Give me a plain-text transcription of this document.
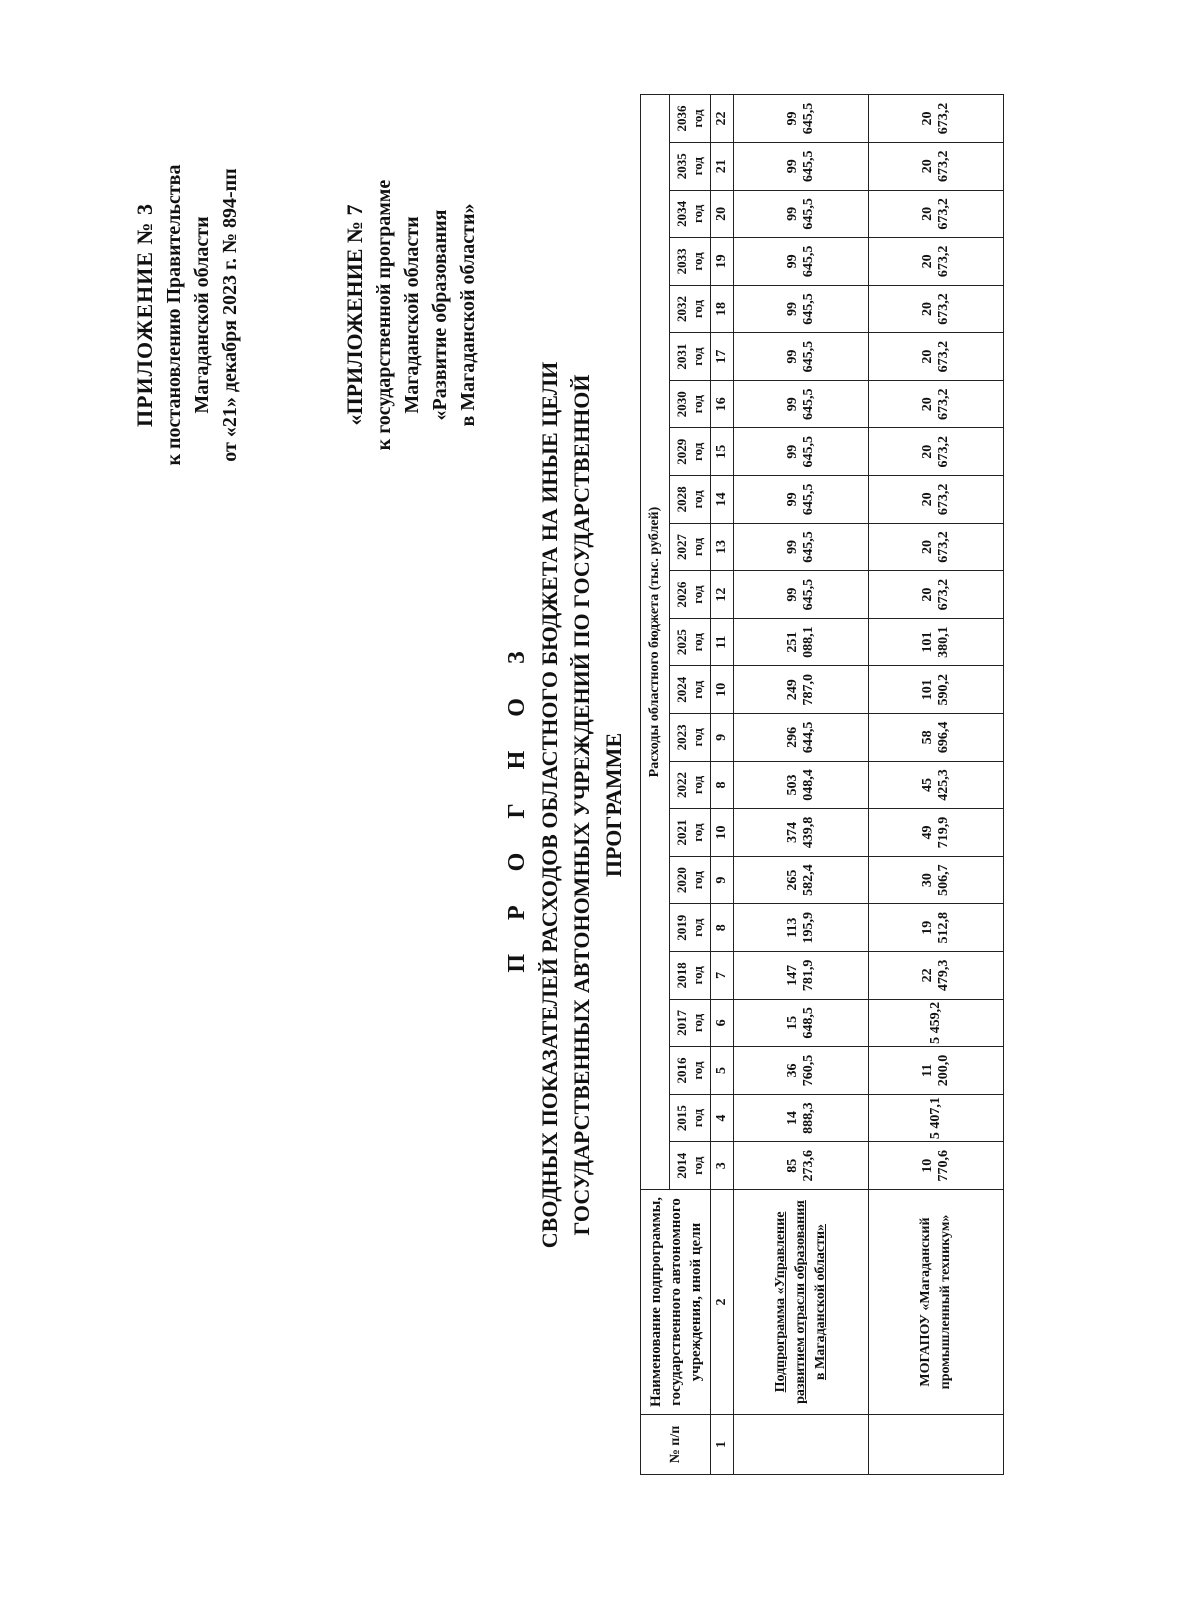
ПРИЛОЖЕНИЕ № 3 к постановлению Правительства Магаданской области от «21» декабря 2023 г. № 894-пп	«ПРИЛОЖЕНИЕ № 7 к государственной программе Магаданской области «Развитие образования в Магаданской области»
П Р О Г Н О З СВОДНЫХ ПОКАЗАТЕЛЕЙ РАСХОДОВ ОБЛАСТНОГО БЮДЖЕТА НА ИНЫЕ ЦЕЛИ ГОСУДАРСТВЕННЫХ АВТОНОМНЫХ УЧРЕЖДЕНИЙ ПО ГОСУДАРСТВЕННОЙ ПРОГРАММЕ
№ п/п	Наименование подпрограммы, государственного автономного учреждения, иной цели	Расходы областного бюджета (тыс. рублей)																						
		2014 год	2015 год	2016 год	2017 год	2018 год	2019 год	2020 год	2021 год	2022 год	2023 год	2024 год	2025 год	2026 год	2027 год	2028 год	2029 год	2030 год	2031 год	2032 год	2033 год	2034 год	2035 год	2036 год
1	2	3	4	5	6	7	8	9	10	8	9	10	11	12	13	14	15	16	17	18	19	20	21	22
	Подпрограмма «Управление развитием отрасли образования в Магаданской области»	85 273,6	14 888,3	36 760,5	15 648,5	147 781,9	113 195,9	265 582,4	374 439,8	503 048,4	296 644,5	249 787,0	251 088,1	99 645,5	99 645,5	99 645,5	99 645,5	99 645,5	99 645,5	99 645,5	99 645,5	99 645,5	99 645,5	99 645,5
	МОГАПОУ «Магаданский промышленный техникум»	10 770,6	5 407,1	11 200,0	5 459,2	22 479,3	19 512,8	30 506,7	49 719,9	45 425,3	58 696,4	101 590,2	101 380,1	20 673,2	20 673,2	20 673,2	20 673,2	20 673,2	20 673,2	20 673,2	20 673,2	20 673,2	20 673,2	20 673,2
